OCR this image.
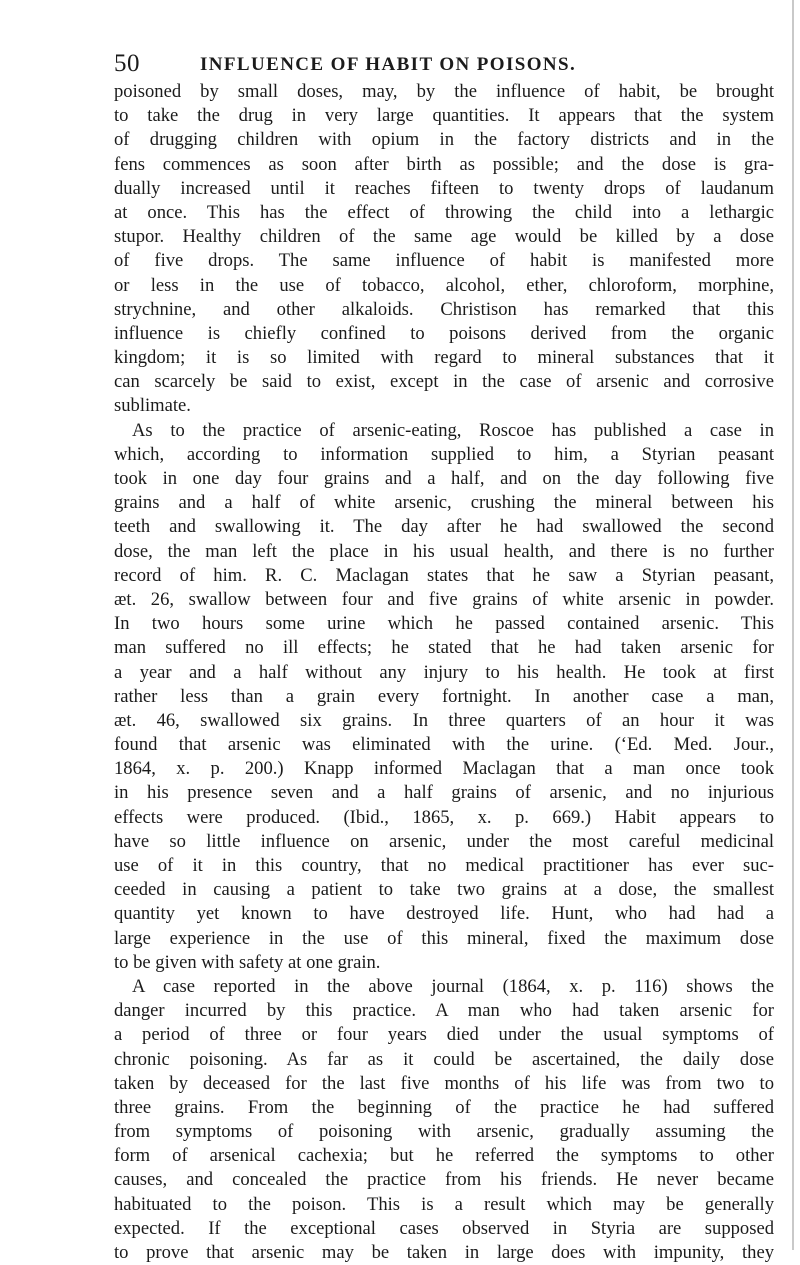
50	INFLUENCE OF HABIT ON POISONS.
poisoned by small doses, may, by the influence of habit, be brought
to take the drug in very large quantities. It appears that the system
of drugging children with opium in the factory districts and in the
fens commences as soon after birth as possible; and the dose is gra-
dually increased until it reaches fifteen to twenty drops of laudanum
at once. This has the effect of throwing the child into a lethargic
stupor. Healthy children of the same age would be killed by a dose
of five drops. The same influence of habit is manifested more
or less in the use of tobacco, alcohol, ether, chloroform, morphine,
strychnine, and other alkaloids. Christison has remarked that this
influence is chiefly confined to poisons derived from the organic
kingdom; it is so limited with regard to mineral substances that it
can scarcely be said to exist, except in the case of arsenic and corrosive
sublimate.
As to the practice of arsenic-eating, Roscoe has published a case in
which, according to information supplied to him, a Styrian peasant
took in one day four grains and a half, and on the day following five
grains and a half of white arsenic, crushing the mineral between his
teeth and swallowing it. The day after he had swallowed the second
dose, the man left the place in his usual health, and there is no further
record of him. R. C. Maclagan states that he saw a Styrian peasant,
æt. 26, swallow between four and five grains of white arsenic in powder.
In two hours some urine which he passed contained arsenic. This
man suffered no ill effects; he stated that he had taken arsenic for
a year and a half without any injury to his health. He took at first
rather less than a grain every fortnight. In another case a man,
æt. 46, swallowed six grains. In three quarters of an hour it was
found that arsenic was eliminated with the urine. (‘Ed. Med. Jour.,
1864, x. p. 200.) Knapp informed Maclagan that a man once took
in his presence seven and a half grains of arsenic, and no injurious
effects were produced. (Ibid., 1865, x. p. 669.) Habit appears to
have so little influence on arsenic, under the most careful medicinal
use of it in this country, that no medical practitioner has ever suc-
ceeded in causing a patient to take two grains at a dose, the smallest
quantity yet known to have destroyed life. Hunt, who had had a
large experience in the use of this mineral, fixed the maximum dose
to be given with safety at one grain.
A case reported in the above journal (1864, x. p. 116) shows the
danger incurred by this practice. A man who had taken arsenic for
a period of three or four years died under the usual symptoms of
chronic poisoning. As far as it could be ascertained, the daily dose
taken by deceased for the last five months of his life was from two to
three grains. From the beginning of the practice he had suffered
from symptoms of poisoning with arsenic, gradually assuming the
form of arsenical cachexia; but he referred the symptoms to other
causes, and concealed the practice from his friends. He never became
habituated to the poison. This is a result which may be generally
expected. If the exceptional cases observed in Styria are supposed
to prove that arsenic may be taken in large does with impunity, they
